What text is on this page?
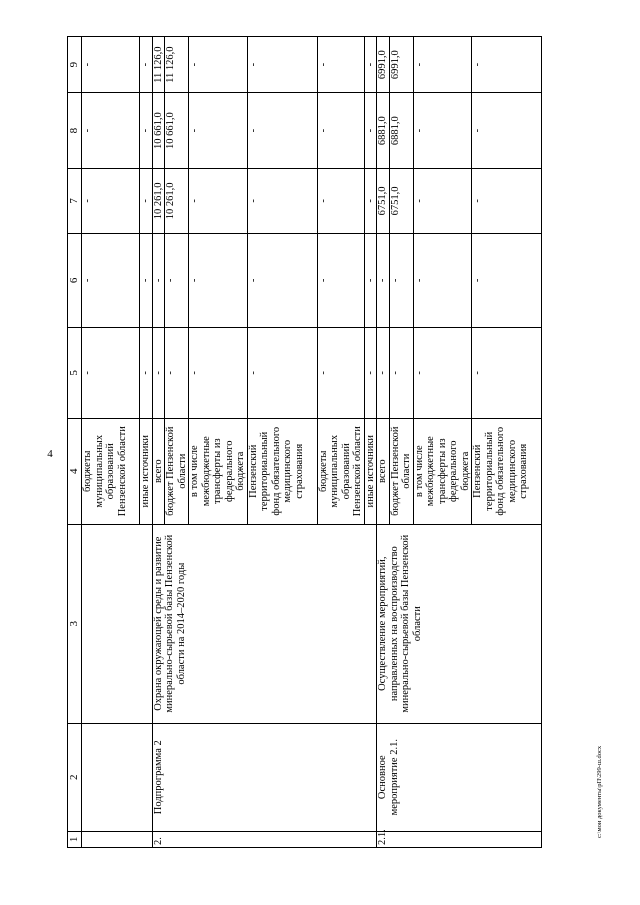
4
c:\мои документы\рП\299-ш.docx
1	2	3	4	5	6	7	8	9
			бюджеты муниципальных образований Пензенской области	-	-	-	-	-
			иные источники	-	-	-	-	-
2.	Подпрограмма 2	Охрана окружающей среды и развитие минерально-сырьевой базы Пензенской области на 2014–2020 годы	всего	-	-	10 261,0	10 661,0	11 126,0
			бюджет Пензенской области	-	-	10 261,0	10 661,0	11 126,0
			в том числе межбюджетные трансферты из федерального бюджета	-	-	-	-	-
			Пензенский территориальный фонд обязательного медицинского страхования	-	-	-	-	-
			бюджеты муниципальных образований Пензенской области	-	-	-	-	-
			иные источники	-	-	-	-	-
2.1.	Основное мероприятие 2.1.	Осуществление мероприятий, направленных на воспроизводство минерально-сырьевой базы Пензенской области	всего	-	-	6751,0	6881,0	6991,0
			бюджет Пензенской области	-	-	6751,0	6881,0	6991,0
			в том числе межбюджетные трансферты из федерального бюджета	-	-	-	-	-
			Пензенский территориальный фонд обязательного медицинского страхования	-	-	-	-	-
